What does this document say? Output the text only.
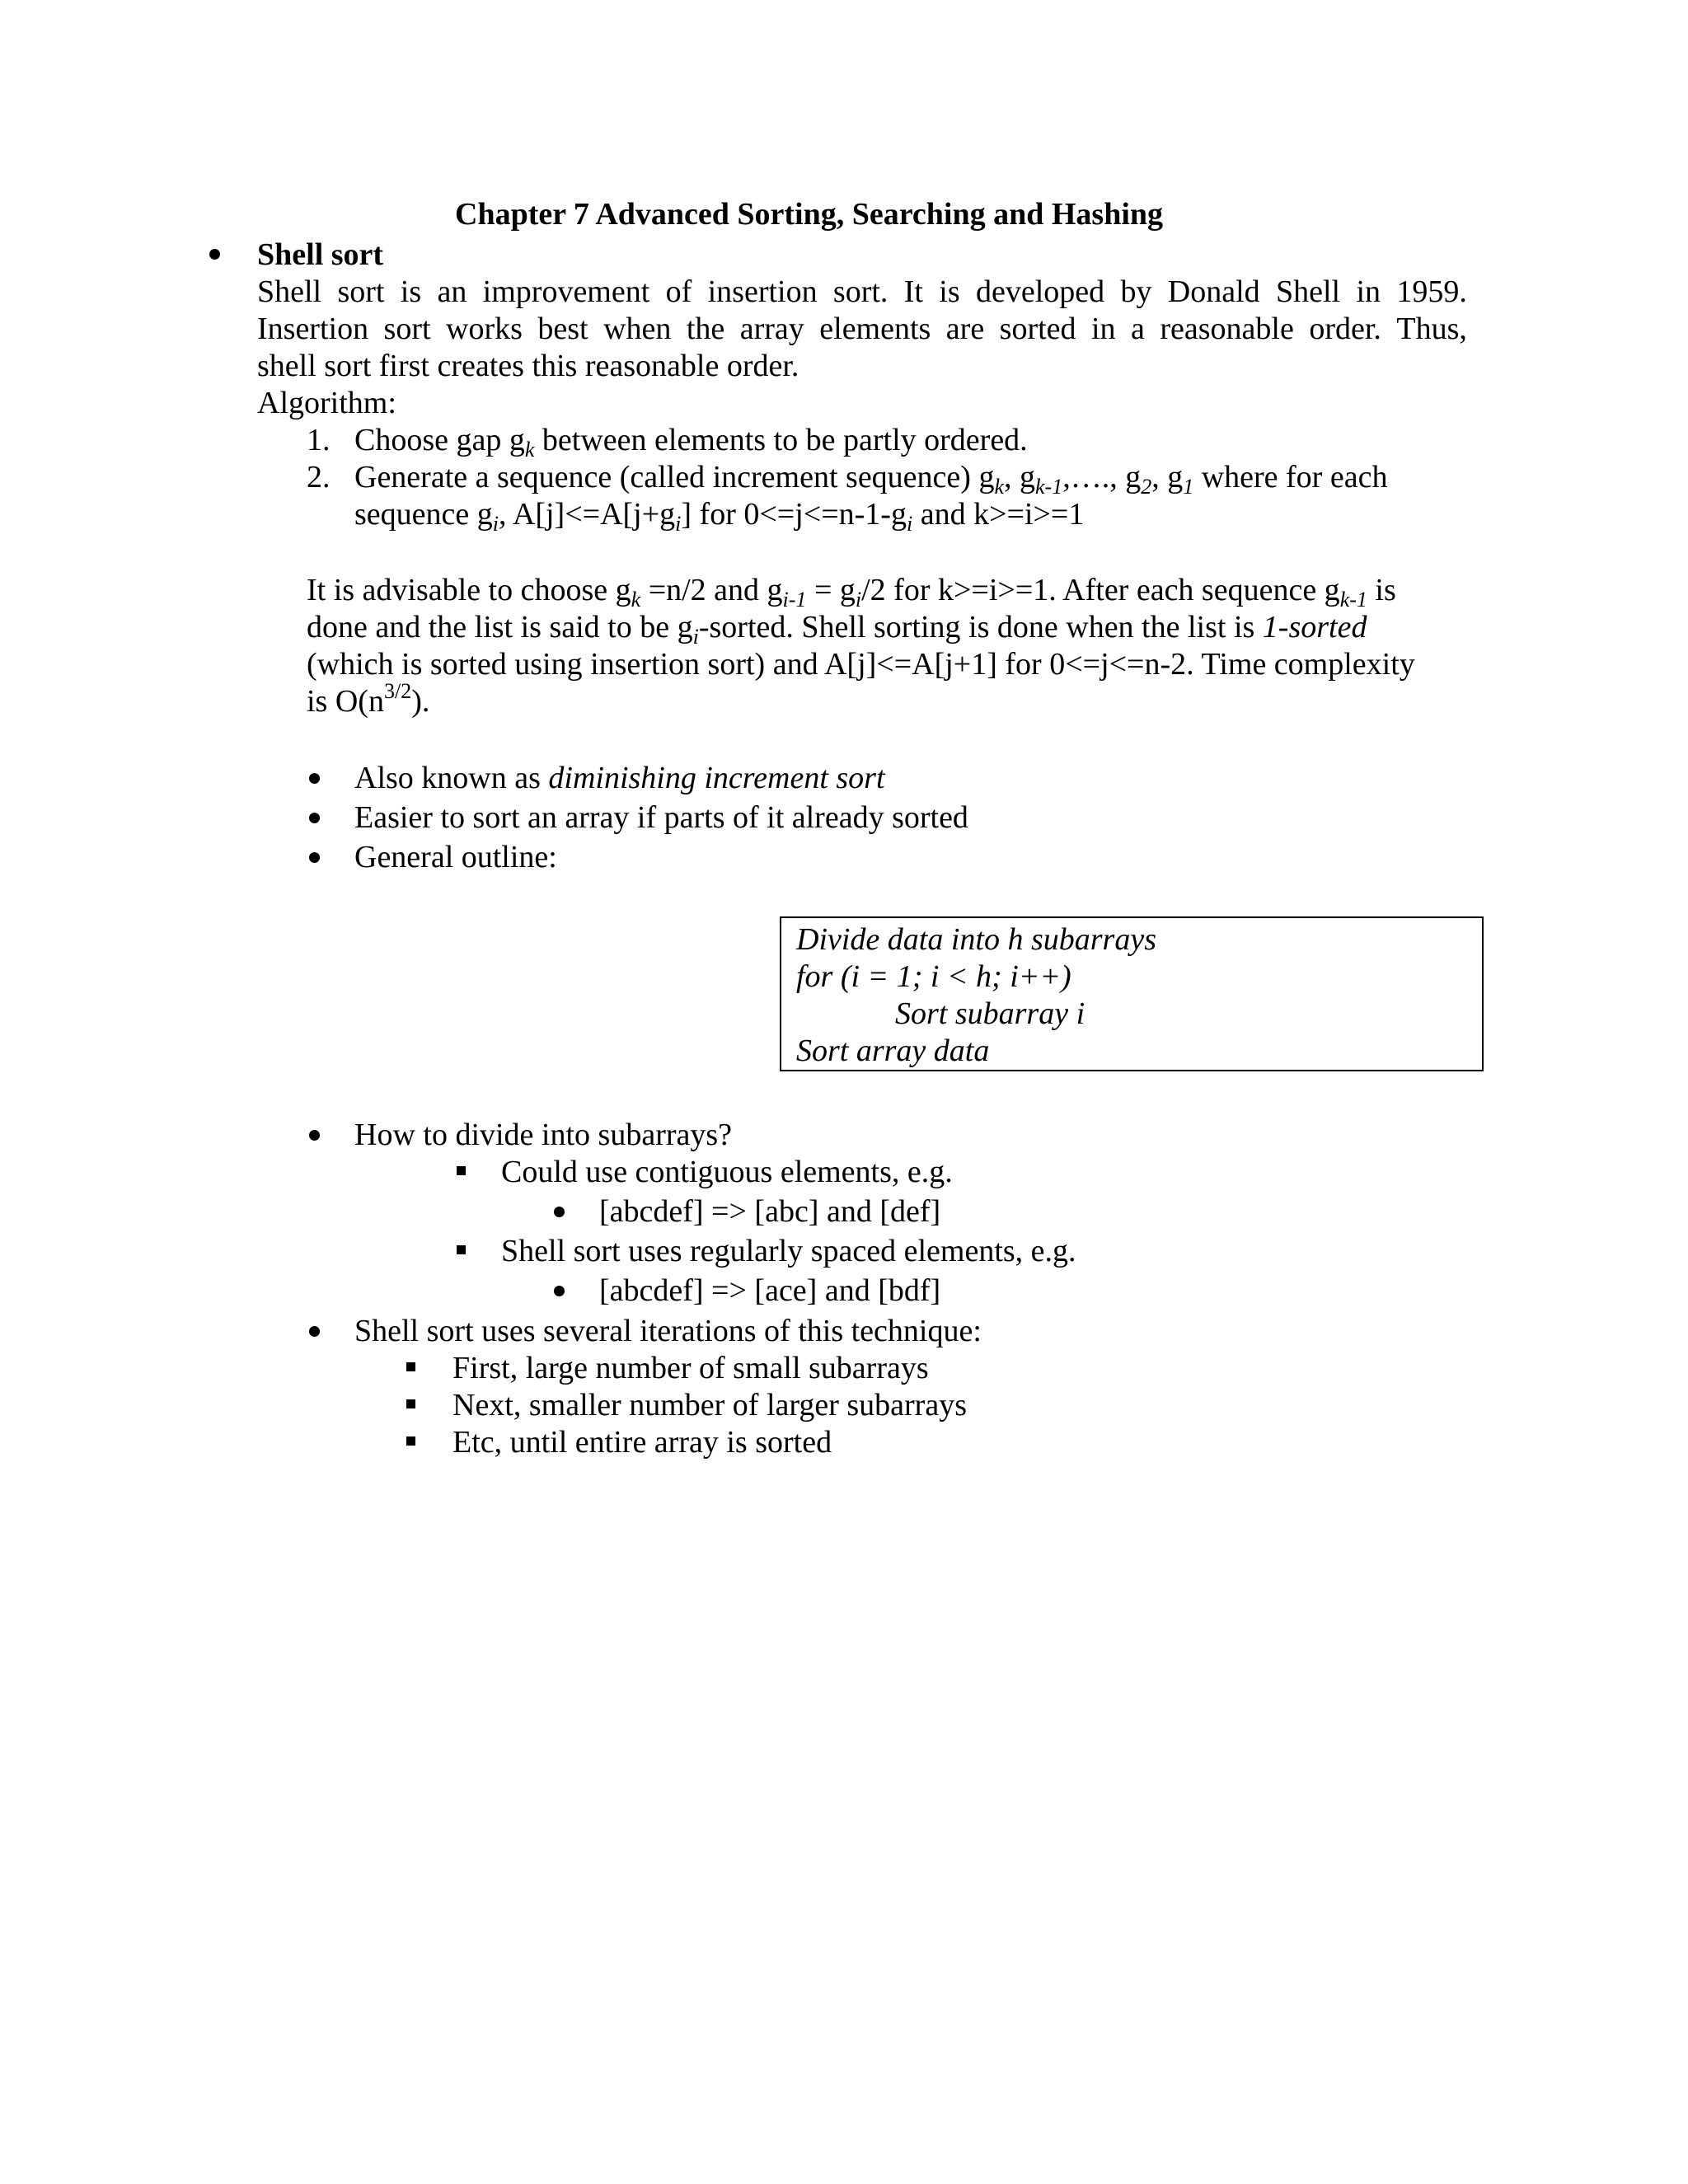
Chapter 7 Advanced Sorting, Searching and Hashing
Shell sort
Shell sort is an improvement of insertion sort. It is developed by Donald Shell in 1959.
Insertion sort works best when the array elements are sorted in a reasonable order. Thus,
shell sort first creates this reasonable order.
Algorithm:
1. Choose gap $g_k$ between elements to be partly ordered.
2. Generate a sequence (called increment sequence) $g_k$, $g_{k-1},\dots$., $g_2$, $g_1$ where for each
sequence $g_i$, $A[j]<=A[j+g_i]$ for $0<=j<=n-1-g_i$ and k>=i>=1
It is advisable to choose $g_k =n/2$ and $g_{i-1} = g_i/2$ for k>=i>=1. After each sequence $g_{k-1}$ is
done and the list is said to be $g_i$-sorted. Shell sorting is done when the list is 1-sorted
(which is sorted using insertion sort) and A[j]<=A[j+1] for 0<=j<=n-2. Time complexity
is $O(n^{3/2})$.
Also known as diminishing increment sort
Easier to sort an array if parts of it already sorted
General outline:
Divide data into h subarrays
for (i = 1; i < h; i++)
Sort subarray i
Sort array data
How to divide into subarrays?
Could use contiguous elements, e.g.
[abcdef] => [abc] and [def]
Shell sort uses regularly spaced elements, e.g.
[abcdef] => [ace] and [bdf]
Shell sort uses several iterations of this technique:
First, large number of small subarrays
Next, smaller number of larger subarrays
Etc, until entire array is sorted
